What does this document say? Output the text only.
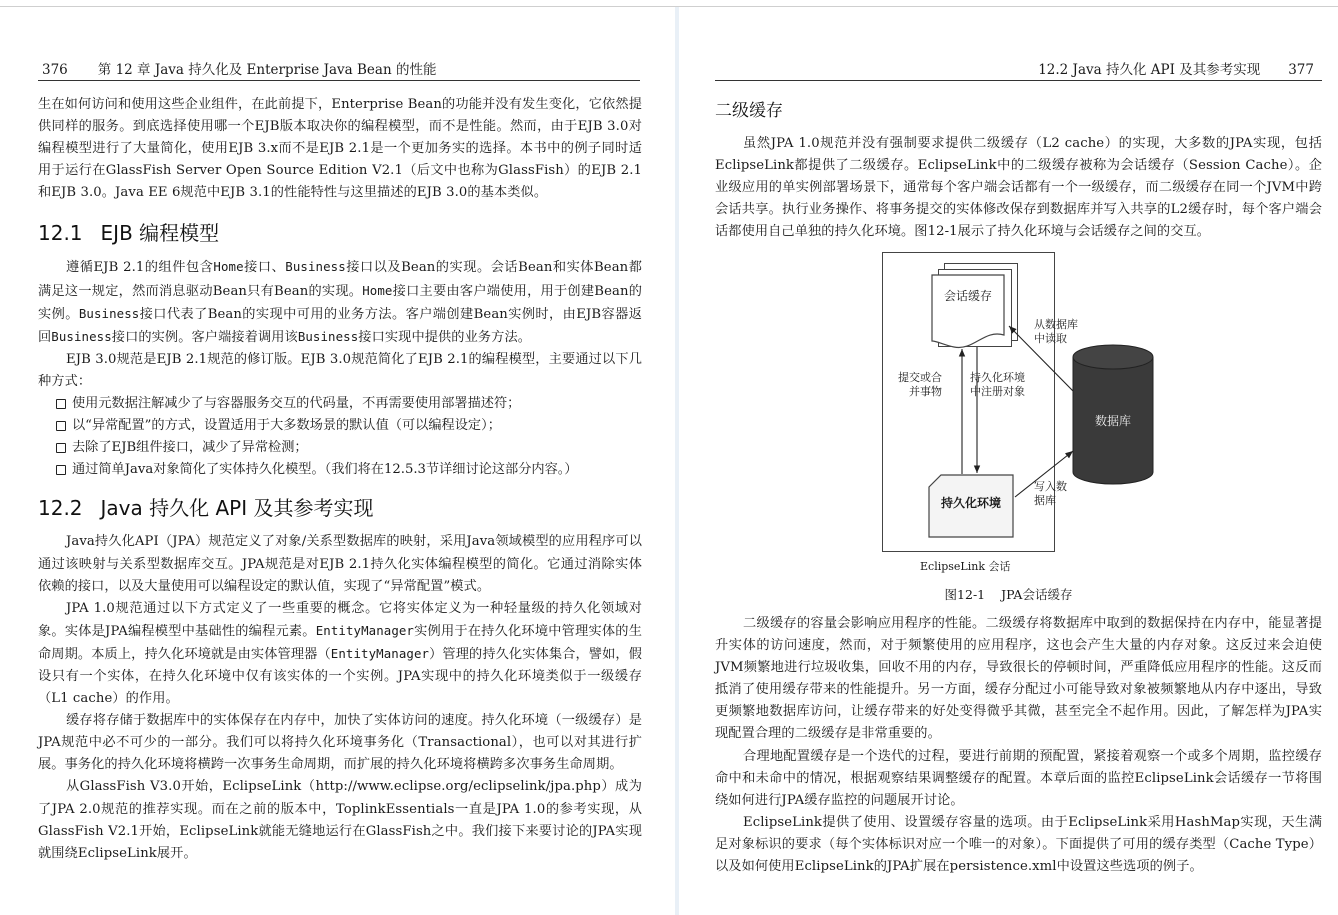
376 第 12 章 Java 持久化及 Enterprise Java Bean 的性能

生在如何访问和使用这些企业组件，在此前提下，Enterprise Bean的功能并没有发生变化，它依然提供同样的服务。到底选择使用哪一个EJB版本取决你的编程模型，而不是性能。然而，由于EJB 3.0对编程模型进行了大量简化，使用EJB 3.x而不是EJB 2.1是一个更加务实的选择。本书中的例子同时适用于运行在GlassFish Server Open Source Edition V2.1（后文中也称为GlassFish）的EJB 2.1和EJB 3.0。Java EE 6规范中EJB 3.1的性能特性与这里描述的EJB 3.0的基本类似。

12.1 EJB 编程模型

遵循EJB 2.1的组件包含Home接口、Business接口以及Bean的实现。会话Bean和实体Bean都满足这一规定，然而消息驱动Bean只有Bean的实现。Home接口主要由客户端使用，用于创建Bean的实例。Business接口代表了Bean的实现中可用的业务方法。客户端创建Bean实例时，由EJB容器返回Business接口的实例。客户端接着调用该Business接口实现中提供的业务方法。

EJB 3.0规范是EJB 2.1规范的修订版。EJB 3.0规范简化了EJB 2.1的编程模型，主要通过以下几种方式：

使用元数据注解减少了与容器服务交互的代码量，不再需要使用部署描述符；
以“异常配置”的方式，设置适用于大多数场景的默认值（可以编程设定）；
去除了EJB组件接口，减少了异常检测；
通过简单Java对象简化了实体持久化模型。（我们将在12.5.3节详细讨论这部分内容。）
12.2 Java 持久化 API 及其参考实现

Java持久化API（JPA）规范定义了对象/关系型数据库的映射，采用Java领域模型的应用程序可以通过该映射与关系型数据库交互。JPA规范是对EJB 2.1持久化实体编程模型的简化。它通过消除实体依赖的接口，以及大量使用可以编程设定的默认值，实现了“异常配置”模式。

JPA 1.0规范通过以下方式定义了一些重要的概念。它将实体定义为一种轻量级的持久化领域对象。实体是JPA编程模型中基础性的编程元素。EntityManager实例用于在持久化环境中管理实体的生命周期。本质上，持久化环境就是由实体管理器（EntityManager）管理的持久化实体集合，譬如，假设只有一个实体，在持久化环境中仅有该实体的一个实例。JPA实现中的持久化环境类似于一级缓存（L1 cache）的作用。

缓存将存储于数据库中的实体保存在内存中，加快了实体访问的速度。持久化环境（一级缓存）是JPA规范中必不可少的一部分。我们可以将持久化环境事务化（Transactional），也可以对其进行扩展。事务化的持久化环境将横跨一次事务生命周期，而扩展的持久化环境将横跨多次事务生命周期。

从GlassFish V3.0开始，EclipseLink（http://www.eclipse.org/eclipselink/jpa.php）成为了JPA 2.0规范的推荐实现。而在之前的版本中，ToplinkEssentials一直是JPA 1.0的参考实现，从GlassFish V2.1开始，EclipseLink就能无缝地运行在GlassFish之中。我们接下来要讨论的JPA实现就围绕EclipseLink展开。

12.2 Java 持久化 API 及其参考实现 377
二级缓存

虽然JPA 1.0规范并没有强制要求提供二级缓存（L2 cache）的实现，大多数的JPA实现，包括EclipseLink都提供了二级缓存。EclipseLink中的二级缓存被称为会话缓存（Session Cache）。企业级应用的单实例部署场景下，通常每个客户端会话都有一个一级缓存，而二级缓存在同一个JVM中跨会话共享。执行业务操作、将事务提交的实体修改保存到数据库并写入共享的L2缓存时，每个客户端会话都使用自己单独的持久化环境。图12-1展示了持久化环境与会话缓存之间的交互。

会话缓存
持久化环境
数据库
从数据库
中读取
提交或合
并事物
持久化环境
中注册对象
写入数
据库
EclipseLink 会话
图12-1 JPA会话缓存

二级缓存的容量会影响应用程序的性能。二级缓存将数据库中取到的数据保持在内存中，能显著提升实体的访问速度，然而，对于频繁使用的应用程序，这也会产生大量的内存对象。这反过来会迫使JVM频繁地进行垃圾收集，回收不用的内存，导致很长的停顿时间，严重降低应用程序的性能。这反而抵消了使用缓存带来的性能提升。另一方面，缓存分配过小可能导致对象被频繁地从内存中逐出，导致更频繁地数据库访问，让缓存带来的好处变得微乎其微，甚至完全不起作用。因此，了解怎样为JPA实现配置合理的二级缓存是非常重要的。

合理地配置缓存是一个迭代的过程，要进行前期的预配置，紧接着观察一个或多个周期，监控缓存命中和未命中的情况，根据观察结果调整缓存的配置。本章后面的监控EclipseLink会话缓存一节将围绕如何进行JPA缓存监控的问题展开讨论。

EclipseLink提供了使用、设置缓存容量的选项。由于EclipseLink采用HashMap实现，天生满足对象标识的要求（每个实体标识对应一个唯一的对象）。下面提供了可用的缓存类型（Cache Type）以及如何使用EclipseLink的JPA扩展在persistence.xml中设置这些选项的例子。
